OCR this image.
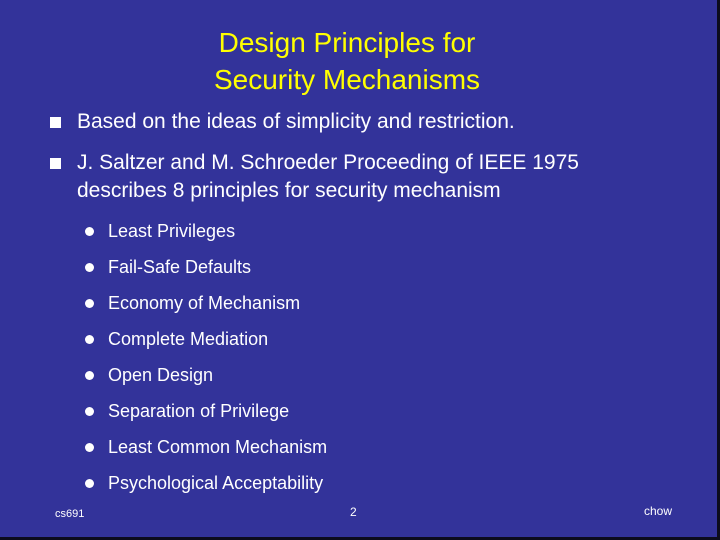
Design Principles for
Security Mechanisms
Based on the ideas of simplicity and restriction.
J. Saltzer and M. Schroeder Proceeding of IEEE 1975
describes 8 principles for security mechanism
Least Privileges
Fail-Safe Defaults
Economy of Mechanism
Complete Mediation
Open Design
Separation of Privilege
Least Common Mechanism
Psychological Acceptability
cs691	2	chow
